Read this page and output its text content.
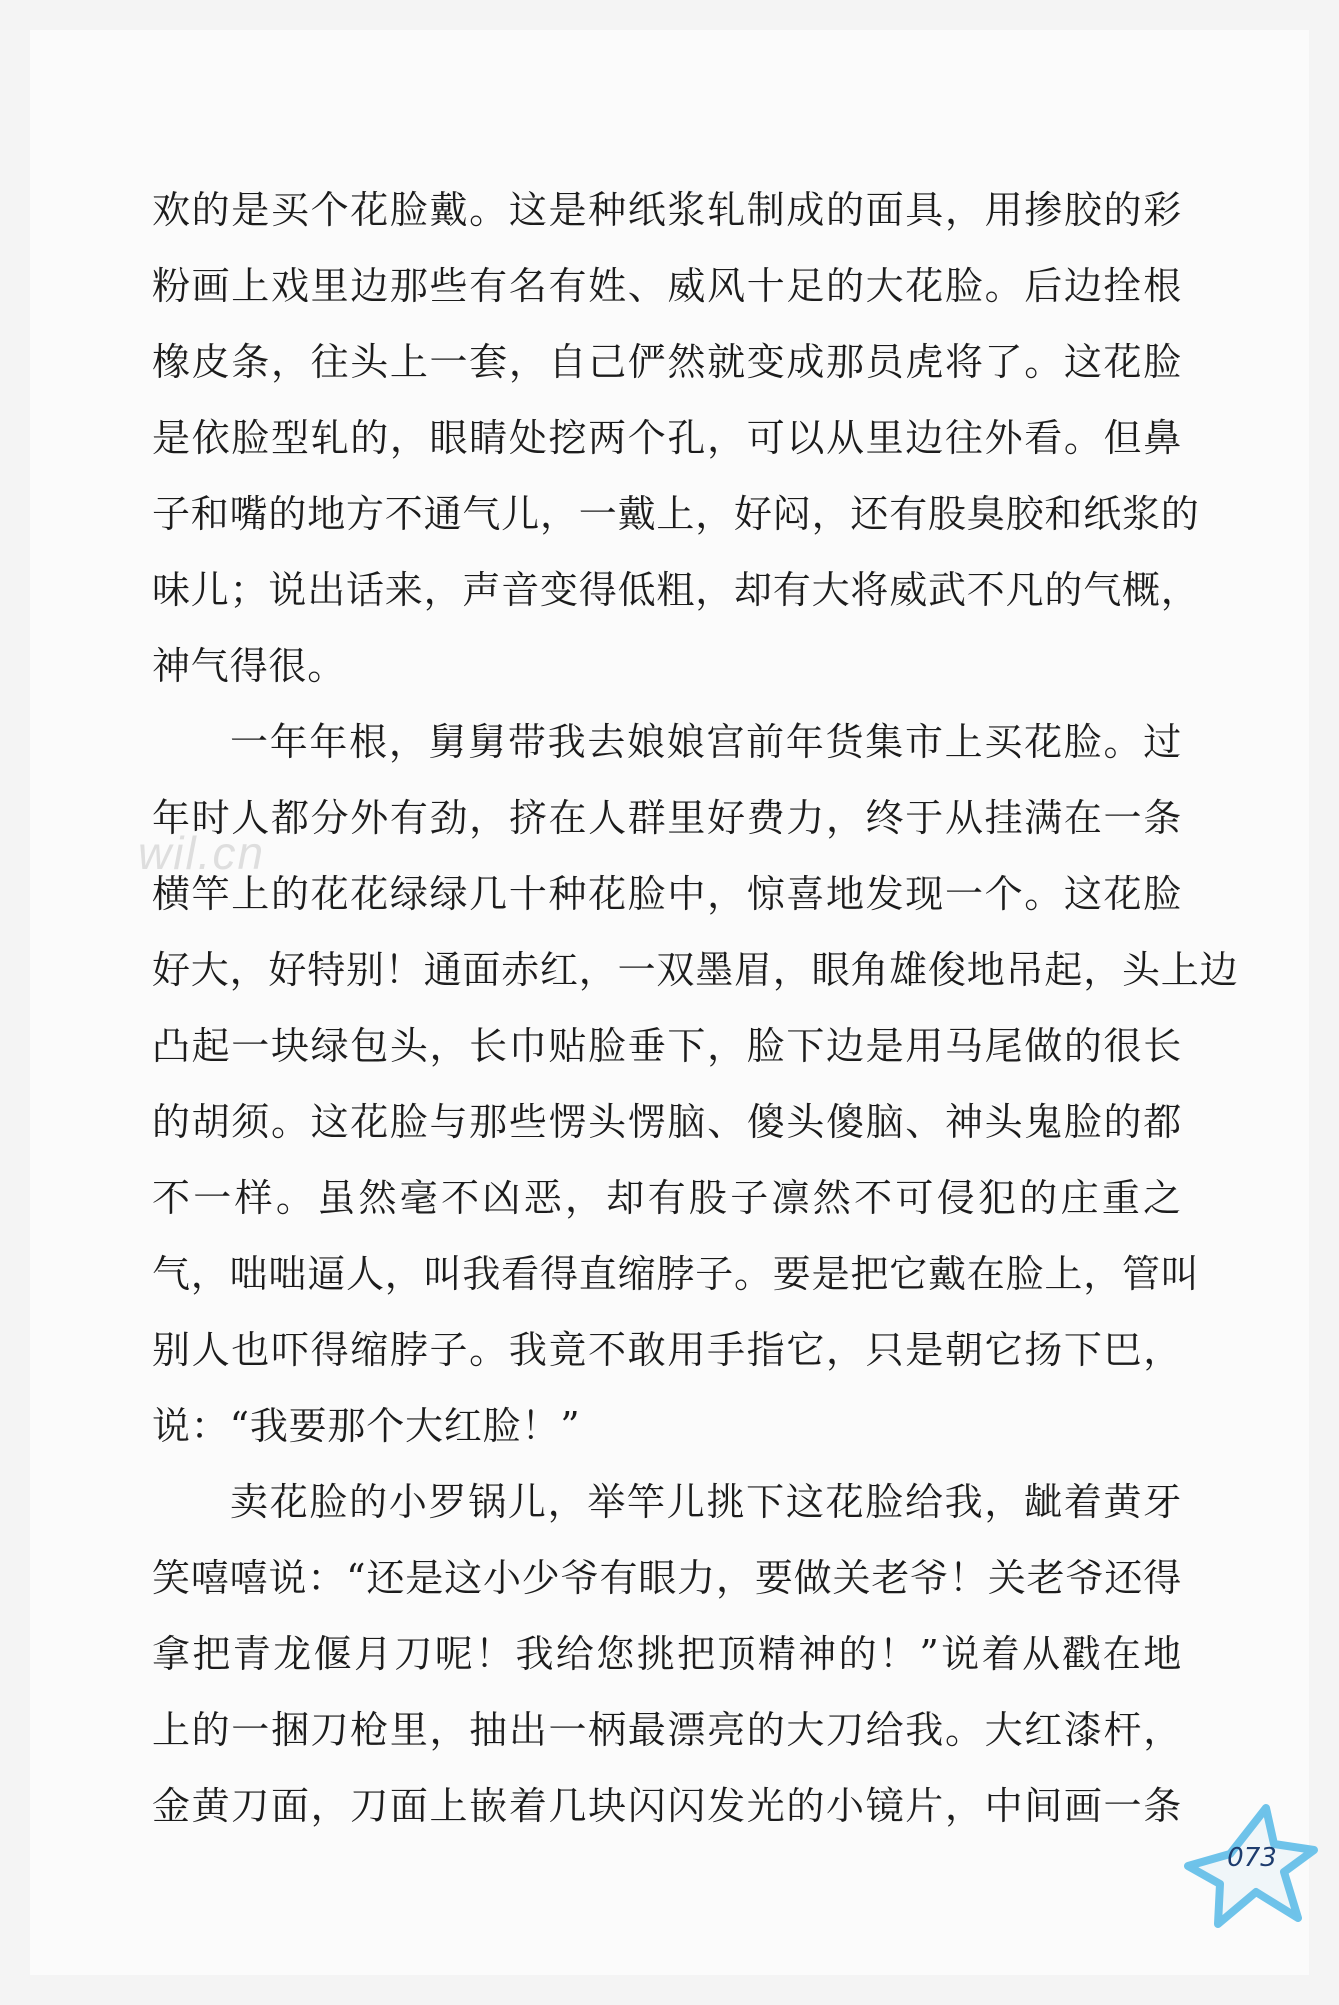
欢的是买个花脸戴。这是种纸浆轧制成的面具，用掺胶的彩
粉画上戏里边那些有名有姓、威风十足的大花脸。后边拴根
橡皮条，往头上一套，自己俨然就变成那员虎将了。这花脸
是依脸型轧的，眼睛处挖两个孔，可以从里边往外看。但鼻
子和嘴的地方不通气儿，一戴上，好闷，还有股臭胶和纸浆的
味儿；说出话来，声音变得低粗，却有大将威武不凡的气概，
神气得很。
一年年根，舅舅带我去娘娘宫前年货集市上买花脸。过
年时人都分外有劲，挤在人群里好费力，终于从挂满在一条
横竿上的花花绿绿几十种花脸中，惊喜地发现一个。这花脸
好大，好特别！通面赤红，一双墨眉，眼角雄俊地吊起，头上边
凸起一块绿包头，长巾贴脸垂下，脸下边是用马尾做的很长
的胡须。这花脸与那些愣头愣脑、傻头傻脑、神头鬼脸的都
不一样。虽然毫不凶恶，却有股子凛然不可侵犯的庄重之
气，咄咄逼人，叫我看得直缩脖子。要是把它戴在脸上，管叫
别人也吓得缩脖子。我竟不敢用手指它，只是朝它扬下巴，
说：“我要那个大红脸！”
卖花脸的小罗锅儿，举竿儿挑下这花脸给我，龇着黄牙
笑嘻嘻说：“还是这小少爷有眼力，要做关老爷！关老爷还得
拿把青龙偃月刀呢！我给您挑把顶精神的！”说着从戳在地
上的一捆刀枪里，抽出一柄最漂亮的大刀给我。大红漆杆，
金黄刀面，刀面上嵌着几块闪闪发光的小镜片，中间画一条
wil.cn
073
